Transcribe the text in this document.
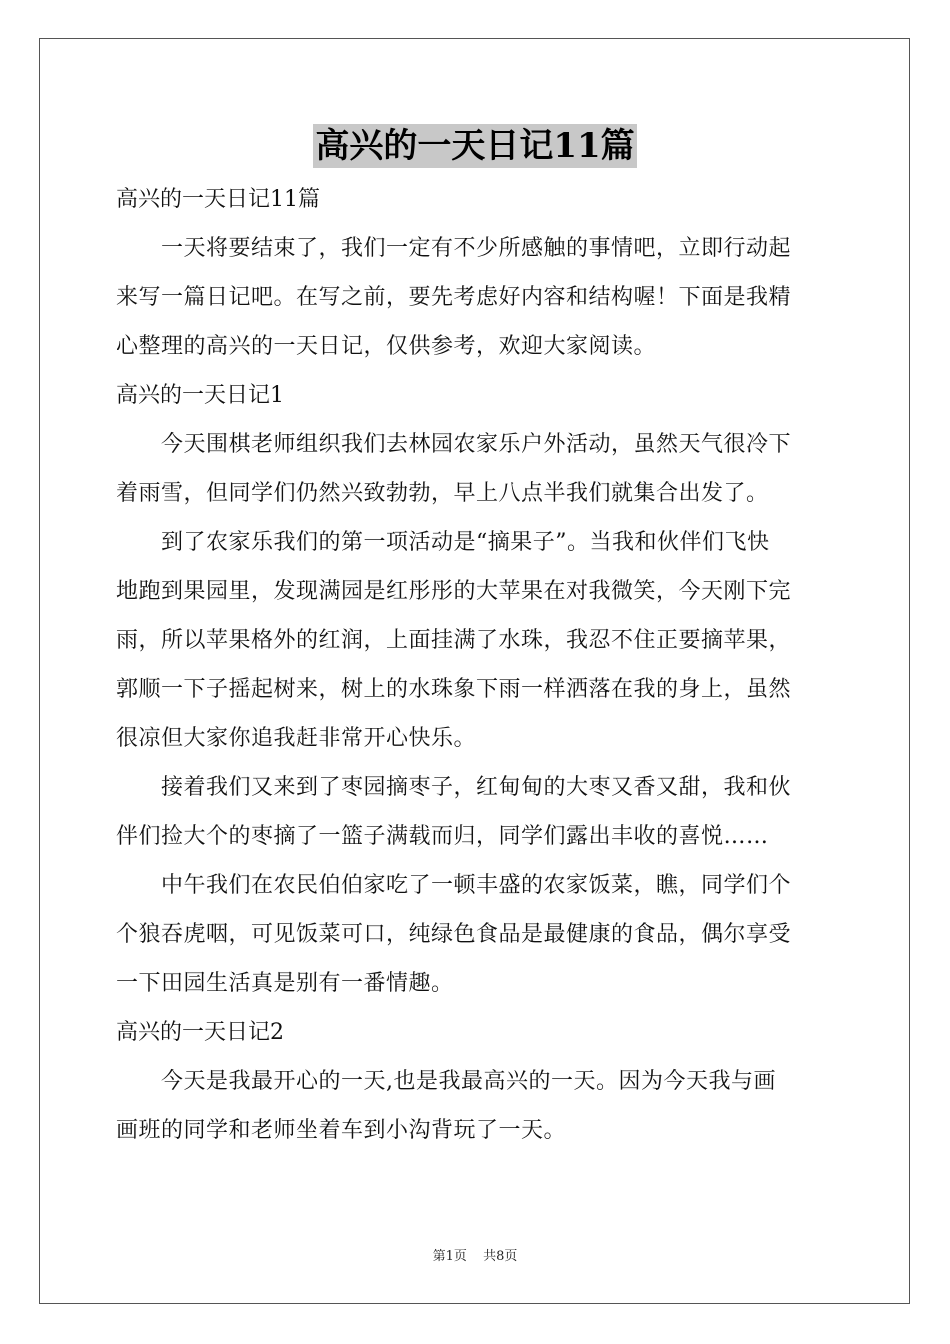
高兴的一天日记11篇
高兴的一天日记11篇
　　一天将要结束了，我们一定有不少所感触的事情吧，立即行动起
来写一篇日记吧。在写之前，要先考虑好内容和结构喔！下面是我精
心整理的高兴的一天日记，仅供参考，欢迎大家阅读。
高兴的一天日记1
　　今天围棋老师组织我们去林园农家乐户外活动，虽然天气很冷下
着雨雪，但同学们仍然兴致勃勃，早上八点半我们就集合出发了。
　　到了农家乐我们的第一项活动是“摘果子”。当我和伙伴们飞快
地跑到果园里，发现满园是红彤彤的大苹果在对我微笑，今天刚下完
雨，所以苹果格外的红润，上面挂满了水珠，我忍不住正要摘苹果，
郭顺一下子摇起树来，树上的水珠象下雨一样洒落在我的身上，虽然
很凉但大家你追我赶非常开心快乐。
　　接着我们又来到了枣园摘枣子，红甸甸的大枣又香又甜，我和伙
伴们捡大个的枣摘了一篮子满载而归，同学们露出丰收的喜悦……
　　中午我们在农民伯伯家吃了一顿丰盛的农家饭菜，瞧，同学们个
个狼吞虎咽，可见饭菜可口，纯绿色食品是最健康的食品，偶尔享受
一下田园生活真是别有一番情趣。
高兴的一天日记2
　　今天是我最开心的一天,也是我最高兴的一天。因为今天我与画
画班的同学和老师坐着车到小沟背玩了一天。
第1页 共8页
